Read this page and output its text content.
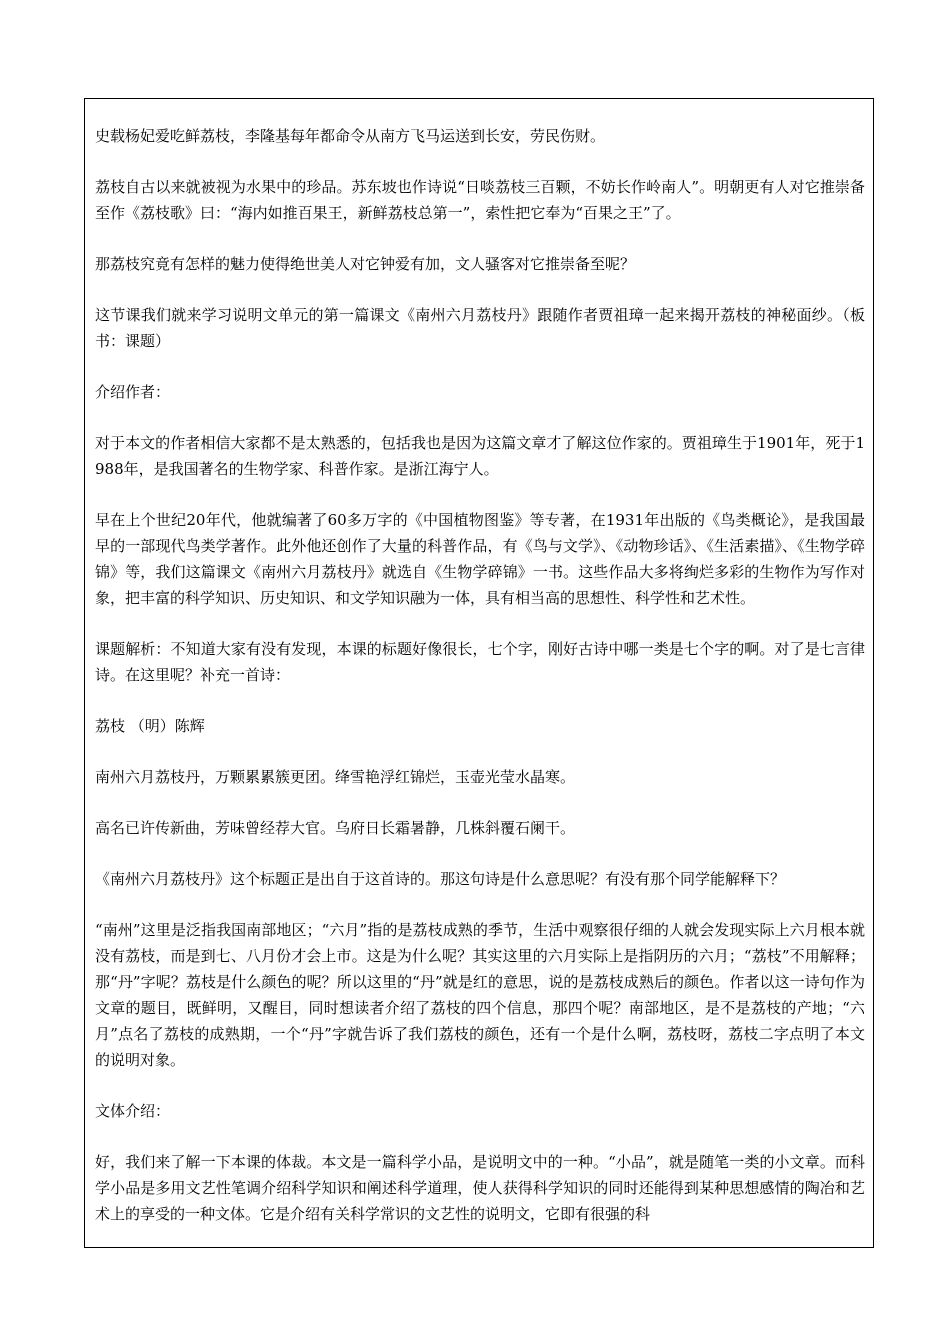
史载杨妃爱吃鲜荔枝，李隆基每年都命令从南方飞马运送到长安，劳民伤财。

荔枝自古以来就被视为水果中的珍品。苏东坡也作诗说“日啖荔枝三百颗，不妨长作岭南人”。明朝更有人对它推崇备至作《荔枝歌》曰：“海内如推百果王，新鲜荔枝总第一”，索性把它奉为“百果之王”了。

那荔枝究竟有怎样的魅力使得绝世美人对它钟爱有加，文人骚客对它推崇备至呢？

这节课我们就来学习说明文单元的第一篇课文《南州六月荔枝丹》跟随作者贾祖璋一起来揭开荔枝的神秘面纱。（板书：课题）

介绍作者：

对于本文的作者相信大家都不是太熟悉的，包括我也是因为这篇文章才了解这位作家的。贾祖璋生于1901年，死于1988年，是我国著名的生物学家、科普作家。是浙江海宁人。

早在上个世纪20年代，他就编著了60多万字的《中国植物图鉴》等专著，在1931年出版的《鸟类概论》，是我国最早的一部现代鸟类学著作。此外他还创作了大量的科普作品，有《鸟与文学》、《动物珍话》、《生活素描》、《生物学碎锦》等，我们这篇课文《南州六月荔枝丹》就选自《生物学碎锦》一书。这些作品大多将绚烂多彩的生物作为写作对象，把丰富的科学知识、历史知识、和文学知识融为一体，具有相当高的思想性、科学性和艺术性。

课题解析：不知道大家有没有发现，本课的标题好像很长，七个字，刚好古诗中哪一类是七个字的啊。对了是七言律诗。在这里呢？补充一首诗：

荔枝 （明）陈辉

南州六月荔枝丹，万颗累累簇更团。绛雪艳浮红锦烂，玉壶光莹水晶寒。

高名已许传新曲，芳味曾经荐大官。乌府日长霜暑静，几株斜覆石阑干。

《南州六月荔枝丹》这个标题正是出自于这首诗的。那这句诗是什么意思呢？有没有那个同学能解释下？

“南州”这里是泛指我国南部地区；“六月”指的是荔枝成熟的季节，生活中观察很仔细的人就会发现实际上六月根本就没有荔枝，而是到七、八月份才会上市。这是为什么呢？其实这里的六月实际上是指阴历的六月；“荔枝”不用解释；那“丹”字呢？荔枝是什么颜色的呢？所以这里的“丹”就是红的意思，说的是荔枝成熟后的颜色。作者以这一诗句作为文章的题目，既鲜明，又醒目，同时想读者介绍了荔枝的四个信息，那四个呢？南部地区，是不是荔枝的产地；“六月”点名了荔枝的成熟期，一个“丹”字就告诉了我们荔枝的颜色，还有一个是什么啊，荔枝呀，荔枝二字点明了本文的说明对象。

文体介绍：

好，我们来了解一下本课的体裁。本文是一篇科学小品，是说明文中的一种。“小品”，就是随笔一类的小文章。而科学小品是多用文艺性笔调介绍科学知识和阐述科学道理，使人获得科学知识的同时还能得到某种思想感情的陶冶和艺术上的享受的一种文体。它是介绍有关科学常识的文艺性的说明文，它即有很强的科
